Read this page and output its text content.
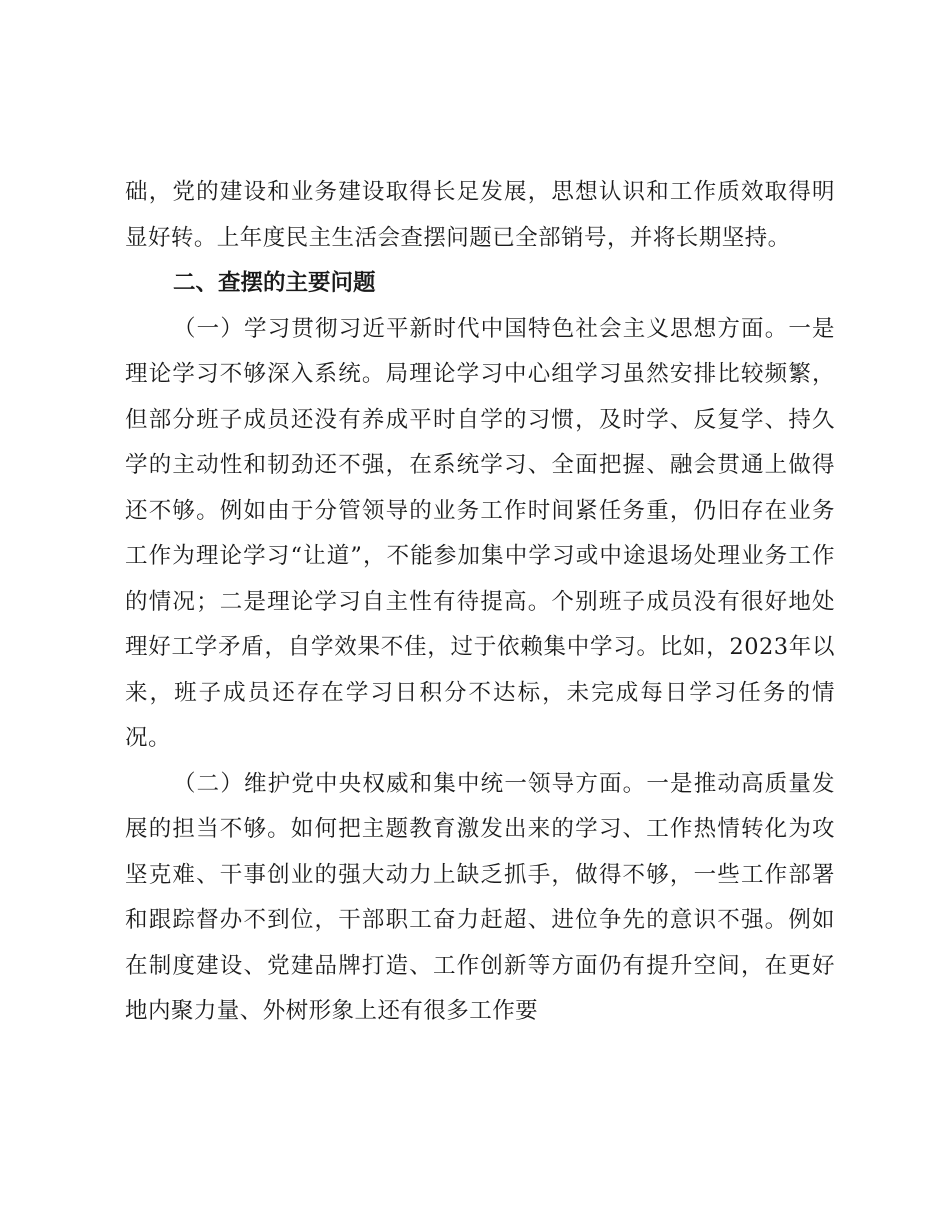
础，党的建设和业务建设取得长足发展，思想认识和工作质效取得明显好转。上年度民主生活会查摆问题已全部销号，并将长期坚持。

二、查摆的主要问题

（一）学习贯彻习近平新时代中国特色社会主义思想方面。一是理论学习不够深入系统。局理论学习中心组学习虽然安排比较频繁，但部分班子成员还没有养成平时自学的习惯，及时学、反复学、持久学的主动性和韧劲还不强，在系统学习、全面把握、融会贯通上做得还不够。例如由于分管领导的业务工作时间紧任务重，仍旧存在业务工作为理论学习“让道”，不能参加集中学习或中途退场处理业务工作的情况；二是理论学习自主性有待提高。个别班子成员没有很好地处理好工学矛盾，自学效果不佳，过于依赖集中学习。比如，2023年以来，班子成员还存在学习日积分不达标，未完成每日学习任务的情况。

（二）维护党中央权威和集中统一领导方面。一是推动高质量发展的担当不够。如何把主题教育激发出来的学习、工作热情转化为攻坚克难、干事创业的强大动力上缺乏抓手，做得不够，一些工作部署和跟踪督办不到位，干部职工奋力赶超、进位争先的意识不强。例如在制度建设、党建品牌打造、工作创新等方面仍有提升空间，在更好地内聚力量、外树形象上还有很多工作要
